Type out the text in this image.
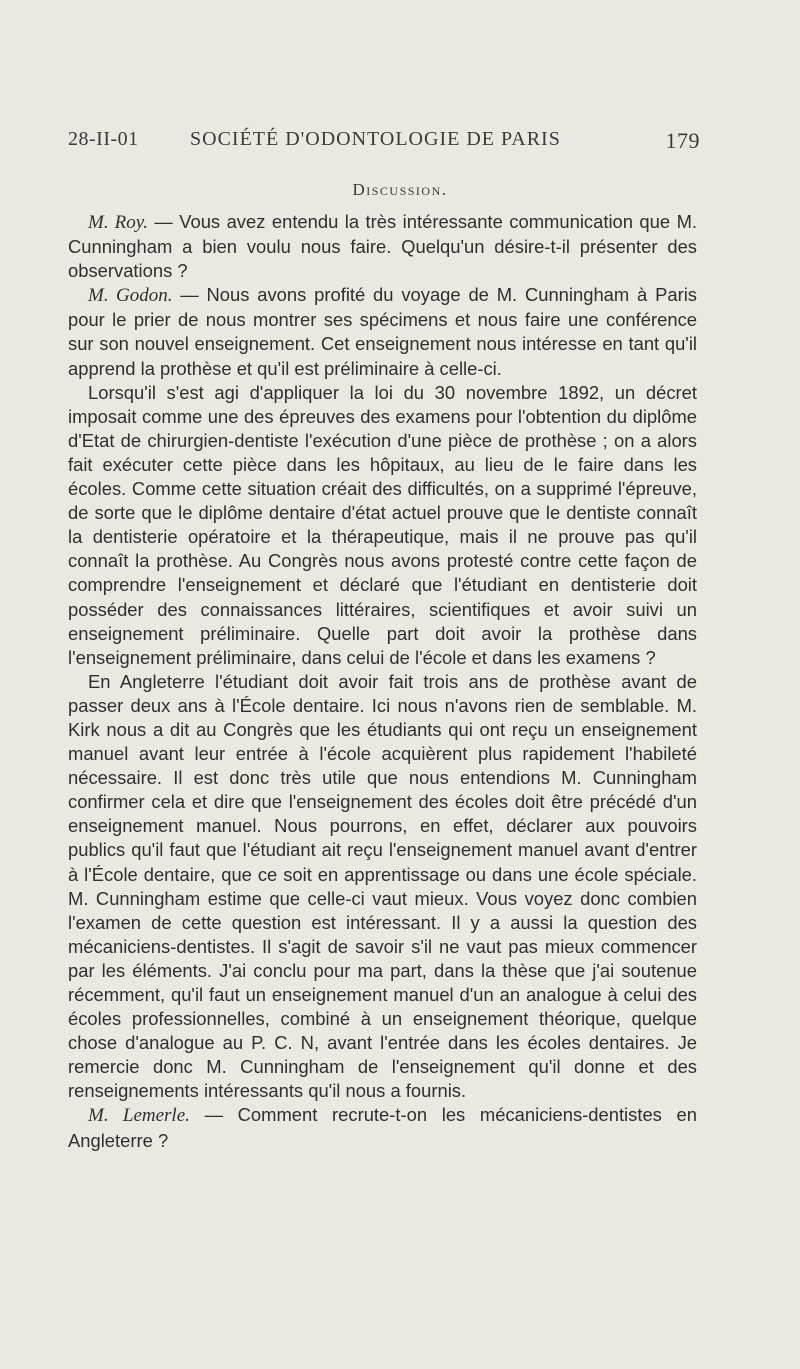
28-II-01	SOCIÉTÉ D'ODONTOLOGIE DE PARIS	179
Discussion.

M. Roy. — Vous avez entendu la très intéressante communication que M. Cunningham a bien voulu nous faire. Quelqu'un désire-t-il présenter des observations ?

M. Godon. — Nous avons profité du voyage de M. Cunningham à Paris pour le prier de nous montrer ses spécimens et nous faire une conférence sur son nouvel enseignement. Cet enseignement nous intéresse en tant qu'il apprend la prothèse et qu'il est préliminaire à celle-ci.

Lorsqu'il s'est agi d'appliquer la loi du 30 novembre 1892, un décret imposait comme une des épreuves des examens pour l'obtention du diplôme d'Etat de chirurgien-dentiste l'exécution d'une pièce de prothèse ; on a alors fait exécuter cette pièce dans les hôpitaux, au lieu de le faire dans les écoles. Comme cette situation créait des difficultés, on a supprimé l'épreuve, de sorte que le diplôme dentaire d'état actuel prouve que le dentiste connaît la dentisterie opératoire et la thérapeutique, mais il ne prouve pas qu'il connaît la prothèse. Au Congrès nous avons protesté contre cette façon de comprendre l'enseignement et déclaré que l'étudiant en dentisterie doit posséder des connaissances littéraires, scientifiques et avoir suivi un enseignement préliminaire. Quelle part doit avoir la prothèse dans l'enseignement préliminaire, dans celui de l'école et dans les examens ?

En Angleterre l'étudiant doit avoir fait trois ans de prothèse avant de passer deux ans à l'École dentaire. Ici nous n'avons rien de semblable. M. Kirk nous a dit au Congrès que les étudiants qui ont reçu un enseignement manuel avant leur entrée à l'école acquièrent plus rapidement l'habileté nécessaire. Il est donc très utile que nous entendions M. Cunningham confirmer cela et dire que l'enseignement des écoles doit être précédé d'un enseignement manuel. Nous pourrons, en effet, déclarer aux pouvoirs publics qu'il faut que l'étudiant ait reçu l'enseignement manuel avant d'entrer à l'École dentaire, que ce soit en apprentissage ou dans une école spéciale. M. Cunningham estime que celle-ci vaut mieux. Vous voyez donc combien l'examen de cette question est intéressant. Il y a aussi la question des mécaniciens-dentistes. Il s'agit de savoir s'il ne vaut pas mieux commencer par les éléments. J'ai conclu pour ma part, dans la thèse que j'ai soutenue récemment, qu'il faut un enseignement manuel d'un an analogue à celui des écoles professionnelles, combiné à un enseignement théorique, quelque chose d'analogue au P. C. N, avant l'entrée dans les écoles dentaires. Je remercie donc M. Cunningham de l'enseignement qu'il donne et des renseignements intéressants qu'il nous a fournis.

M. Lemerle. — Comment recrute-t-on les mécaniciens-dentistes en Angleterre ?
